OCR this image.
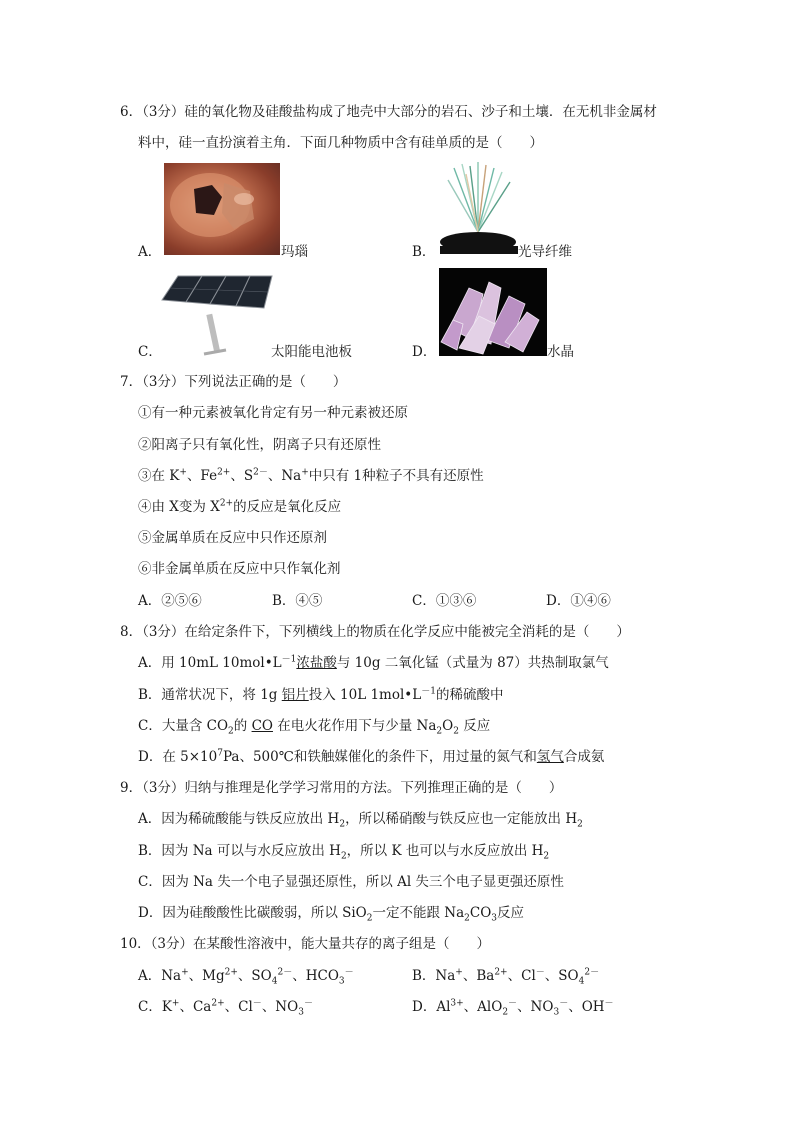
6．（3分）硅的氧化物及硅酸盐构成了地壳中大部分的岩石、沙子和土壤．在无机非金属材
料中，硅一直扮演着主角．下面几种物质中含有硅单质的是（　　）
A．	玛瑙	B．	光导纤维
C．	太阳能电池板	D．	水晶
7．（3分）下列说法正确的是（　　）
①有一种元素被氧化肯定有另一种元素被还原
②阳离子只有氧化性，阴离子只有还原性
③在 K+、$Fe^{2+}$、$S^{2-}$、Na+中只有 1种粒子不具有还原性
④由 X变为 $X^{2+}$的反应是氧化反应
⑤金属单质在反应中只作还原剂
⑥非金属单质在反应中只作氧化剂
A．②⑤⑥	B．④⑤	C．①③⑥	D．①④⑥
8．（3分）在给定条件下，下列横线上的物质在化学反应中能被完全消耗的是（　　）
A．用 10mL $10mol•L^{-1}$浓盐酸与 10g 二氧化锰（式量为 87）共热制取氯气
B．通常状况下，将 1g 铝片投入 10L $1mol•L^{-1}$的稀硫酸中
C．大量含 $CO_2$的 CO 在电火花作用下与少量 $Na_2O_2$ 反应
D．在 $5\times 10^7Pa$、500℃和铁触媒催化的条件下，用过量的氮气和氢气合成氨
9．（3分）归纳与推理是化学学习常用的方法。下列推理正确的是（　　）
A．因为稀硫酸能与铁反应放出 $H_2$，所以稀硝酸与铁反应也一定能放出 $H_2$
B．因为 Na 可以与水反应放出 $H_2$，所以 K 也可以与水反应放出 $H_2$
C．因为 Na 失一个电子显强还原性，所以 Al 失三个电子显更强还原性
D．因为硅酸酸性比碳酸弱，所以 SiO$_2$一定不能跟 $Na_2CO_3$反应
10．（3分）在某酸性溶液中，能大量共存的离子组是（　　）
A．Na+、$Mg^{2+}$、$SO_4^{2-}$、$HCO_3^-$	B．Na+、$Ba^{2+}$、Cl－、$SO_4^{2-}$
C．K+、$Ca^{2+}$、Cl－、$NO_3^-$	D．$Al^{3+}$、AlO$_2$－、$NO_3^-$、OH－
